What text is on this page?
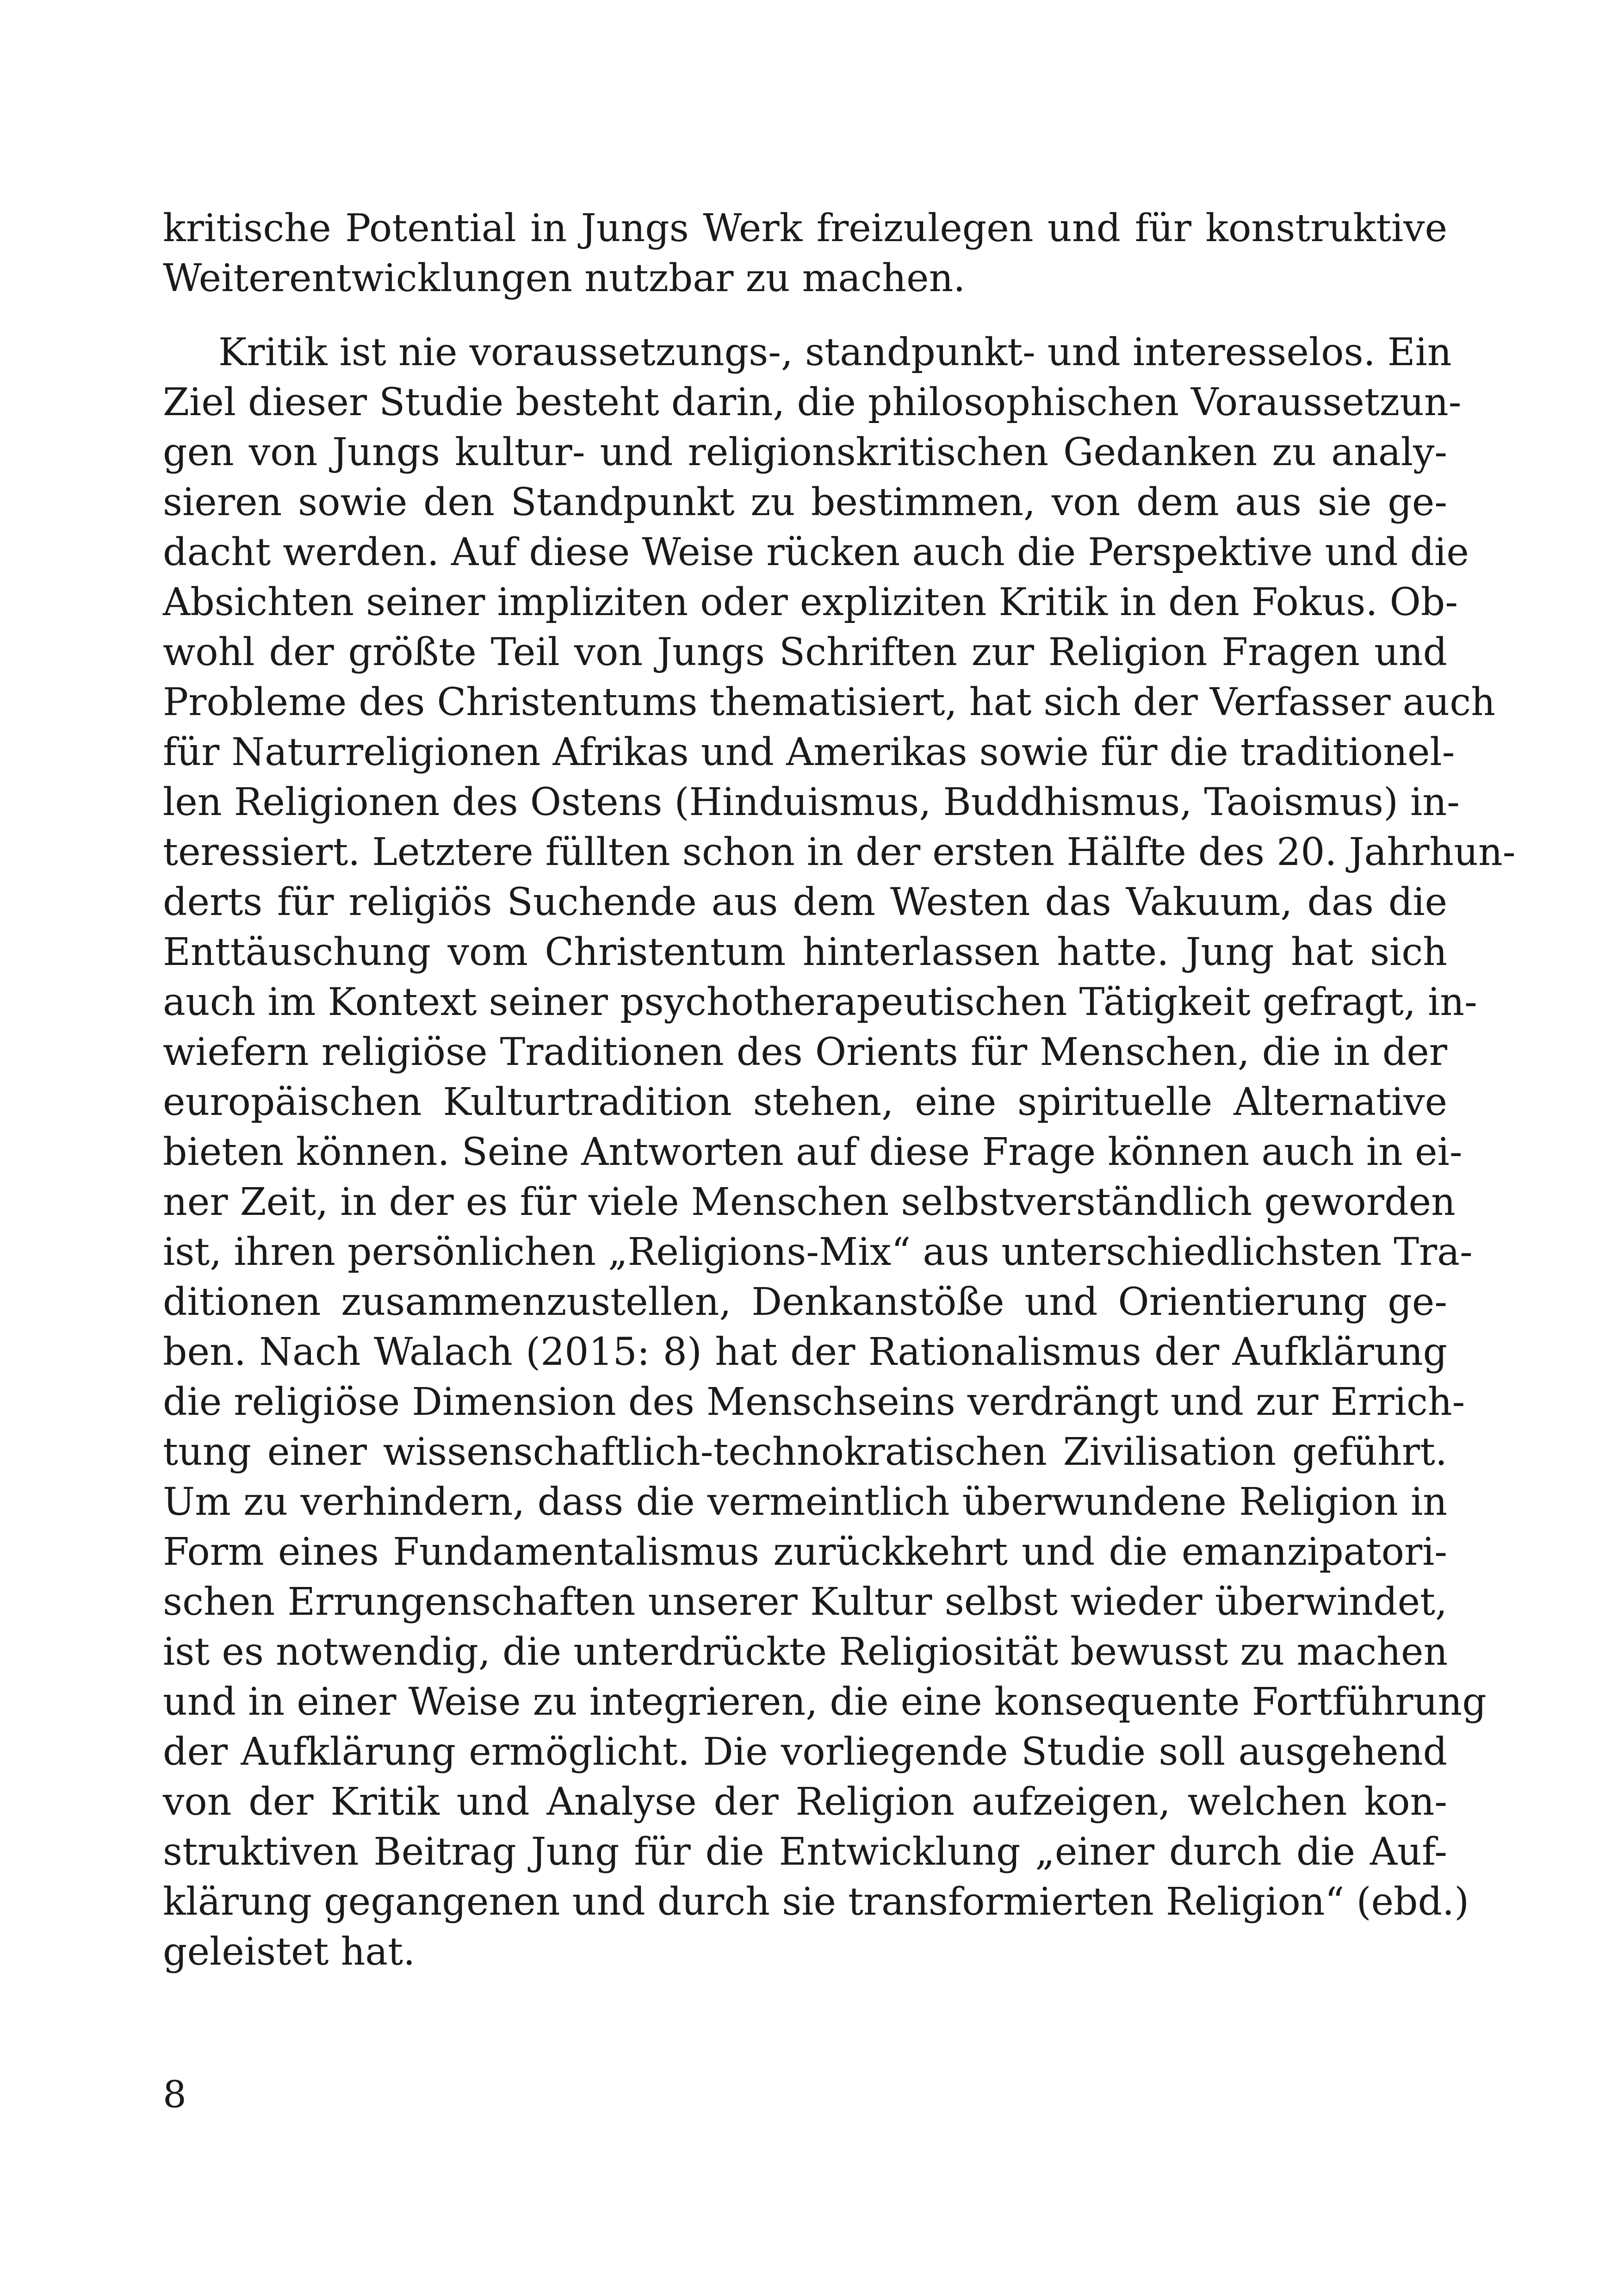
kritische Potential in Jungs Werk freizulegen und für konstruktive
Weiterentwicklungen nutzbar zu machen.
Kritik ist nie voraussetzungs-, standpunkt- und interesselos. Ein
Ziel dieser Studie besteht darin, die philosophischen Voraussetzun-
gen von Jungs kultur- und religionskritischen Gedanken zu analy-
sieren sowie den Standpunkt zu bestimmen, von dem aus sie ge-
dacht werden. Auf diese Weise rücken auch die Perspektive und die
Absichten seiner impliziten oder expliziten Kritik in den Fokus. Ob-
wohl der größte Teil von Jungs Schriften zur Religion Fragen und
Probleme des Christentums thematisiert, hat sich der Verfasser auch
für Naturreligionen Afrikas und Amerikas sowie für die traditionel-
len Religionen des Ostens (Hinduismus, Buddhismus, Taoismus) in-
teressiert. Letztere füllten schon in der ersten Hälfte des 20. Jahrhun-
derts für religiös Suchende aus dem Westen das Vakuum, das die
Enttäuschung vom Christentum hinterlassen hatte. Jung hat sich
auch im Kontext seiner psychotherapeutischen Tätigkeit gefragt, in-
wiefern religiöse Traditionen des Orients für Menschen, die in der
europäischen Kulturtradition stehen, eine spirituelle Alternative
bieten können. Seine Antworten auf diese Frage können auch in ei-
ner Zeit, in der es für viele Menschen selbstverständlich geworden
ist, ihren persönlichen „Religions-Mix“ aus unterschiedlichsten Tra-
ditionen zusammenzustellen, Denkanstöße und Orientierung ge-
ben. Nach Walach (2015: 8) hat der Rationalismus der Aufklärung
die religiöse Dimension des Menschseins verdrängt und zur Errich-
tung einer wissenschaftlich-technokratischen Zivilisation geführt.
Um zu verhindern, dass die vermeintlich überwundene Religion in
Form eines Fundamentalismus zurückkehrt und die emanzipatori-
schen Errungenschaften unserer Kultur selbst wieder überwindet,
ist es notwendig, die unterdrückte Religiosität bewusst zu machen
und in einer Weise zu integrieren, die eine konsequente Fortführung
der Aufklärung ermöglicht. Die vorliegende Studie soll ausgehend
von der Kritik und Analyse der Religion aufzeigen, welchen kon-
struktiven Beitrag Jung für die Entwicklung „einer durch die Auf-
klärung gegangenen und durch sie transformierten Religion“ (ebd.)
geleistet hat.
8
